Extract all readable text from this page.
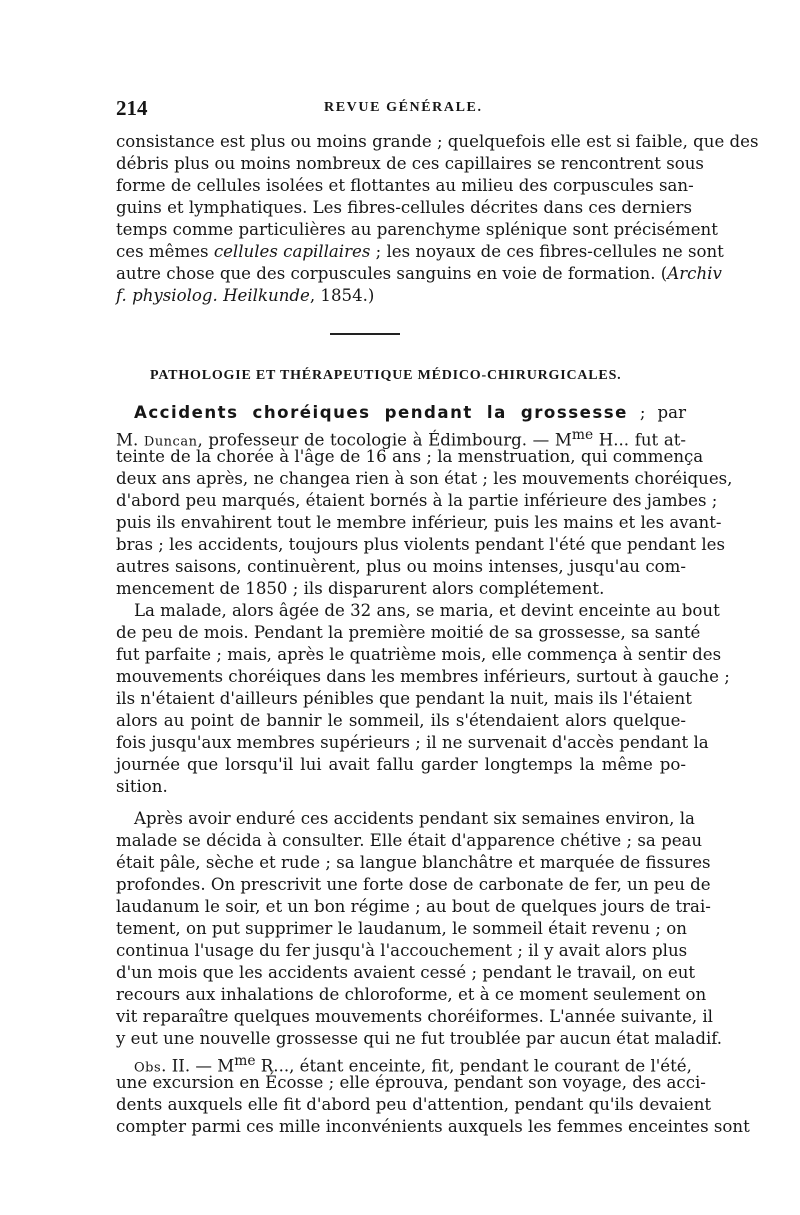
214	REVUE GÉNÉRALE.
consistance est plus ou moins grande ; quelquefois elle est si faible, que des
débris plus ou moins nombreux de ces capillaires se rencontrent sous
forme de cellules isolées et flottantes au milieu des corpuscules san-
guins et lymphatiques. Les fibres-cellules décrites dans ces derniers
temps comme particulières au parenchyme splénique sont précisément
ces mêmes cellules capillaires ; les noyaux de ces fibres-cellules ne sont
autre chose que des corpuscules sanguins en voie de formation. (Archiv
f. physiolog. Heilkunde, 1854.)
PATHOLOGIE ET THÉRAPEUTIQUE MÉDICO-CHIRURGICALES.
Accidents choréiques pendant la grossesse ; par
M. Duncan, professeur de tocologie à Édimbourg. — $M^{me}$ H... fut at-
teinte de la chorée à l'âge de 16 ans ; la menstruation, qui commença
deux ans après, ne changea rien à son état ; les mouvements choréiques,
d'abord peu marqués, étaient bornés à la partie inférieure des jambes ;
puis ils envahirent tout le membre inférieur, puis les mains et les avant-
bras ; les accidents, toujours plus violents pendant l'été que pendant les
autres saisons, continuèrent, plus ou moins intenses, jusqu'au com-
mencement de 1850 ; ils disparurent alors complétement.
La malade, alors âgée de 32 ans, se maria, et devint enceinte au bout
de peu de mois. Pendant la première moitié de sa grossesse, sa santé
fut parfaite ; mais, après le quatrième mois, elle commença à sentir des
mouvements choréiques dans les membres inférieurs, surtout à gauche ;
ils n'étaient d'ailleurs pénibles que pendant la nuit, mais ils l'étaient
alors au point de bannir le sommeil, ils s'étendaient alors quelque-
fois jusqu'aux membres supérieurs ; il ne survenait d'accès pendant la
journée que lorsqu'il lui avait fallu garder longtemps la même po-
sition.
Après avoir enduré ces accidents pendant six semaines environ, la
malade se décida à consulter. Elle était d'apparence chétive ; sa peau
était pâle, sèche et rude ; sa langue blanchâtre et marquée de fissures
profondes. On prescrivit une forte dose de carbonate de fer, un peu de
laudanum le soir, et un bon régime ; au bout de quelques jours de trai-
tement, on put supprimer le laudanum, le sommeil était revenu ; on
continua l'usage du fer jusqu'à l'accouchement ; il y avait alors plus
d'un mois que les accidents avaient cessé ; pendant le travail, on eut
recours aux inhalations de chloroforme, et à ce moment seulement on
vit reparaître quelques mouvements choréiformes. L'année suivante, il
y eut une nouvelle grossesse qui ne fut troublée par aucun état maladif.
Obs. II. — $M^{me}$ R..., étant enceinte, fit, pendant le courant de l'été,
une excursion en Écosse ; elle éprouva, pendant son voyage, des acci-
dents auxquels elle fit d'abord peu d'attention, pendant qu'ils devaient
compter parmi ces mille inconvénients auxquels les femmes enceintes sont
